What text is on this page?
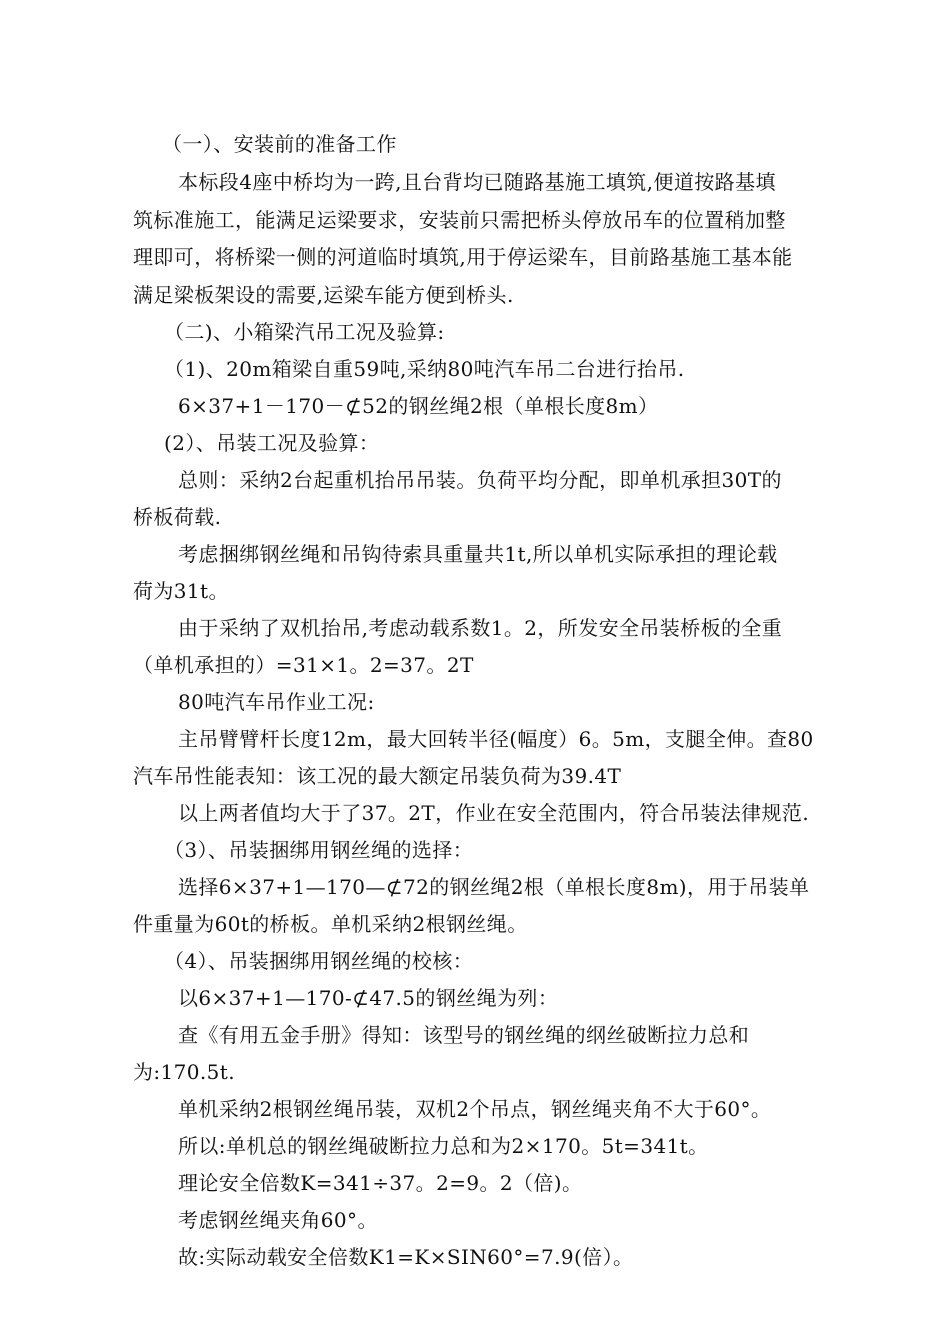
（一）、安装前的准备工作
本标段4座中桥均为一跨,且台背均已随路基施工填筑,便道按路基填
筑标准施工，能满足运梁要求，安装前只需把桥头停放吊车的位置稍加整
理即可，将桥梁一侧的河道临时填筑,用于停运梁车，目前路基施工基本能
满足梁板架设的需要,运梁车能方便到桥头.
（二)、小箱梁汽吊工况及验算:
（1)、20m箱梁自重59吨,采纳80吨汽车吊二台进行抬吊.
6×37+1－170－⊄52的钢丝绳2根（单根长度8m）
(2）、吊装工况及验算：
总则：采纳2台起重机抬吊吊装。负荷平均分配，即单机承担30T的
桥板荷载.
考虑捆绑钢丝绳和吊钩待索具重量共1t,所以单机实际承担的理论载
荷为31t。
由于采纳了双机抬吊,考虑动载系数1。2，所发安全吊装桥板的全重
（单机承担的）=31×1。2=37。2T
80吨汽车吊作业工况:
主吊臂臂杆长度12m，最大回转半径(幅度）6。5m，支腿全伸。查80
汽车吊性能表知：该工况的最大额定吊装负荷为39.4T
以上两者值均大于了37。2T，作业在安全范围内，符合吊装法律规范.
（3）、吊装捆绑用钢丝绳的选择：
选择6×37+1—170—⊄72的钢丝绳2根（单根长度8m)，用于吊装单
件重量为60t的桥板。单机采纳2根钢丝绳。
（4）、吊装捆绑用钢丝绳的校核：
以6×37+1—170-⊄47.5的钢丝绳为列：
查《有用五金手册》得知：该型号的钢丝绳的纲丝破断拉力总和
为:170.5t.
单机采纳2根钢丝绳吊装，双机2个吊点，钢丝绳夹角不大于60°。
所以:单机总的钢丝绳破断拉力总和为2×170。5t=341t。
理论安全倍数K=341÷37。2=9。2（倍)。
考虑钢丝绳夹角60°。
故:实际动载安全倍数K1=K×SIN60°=7.9(倍）。
